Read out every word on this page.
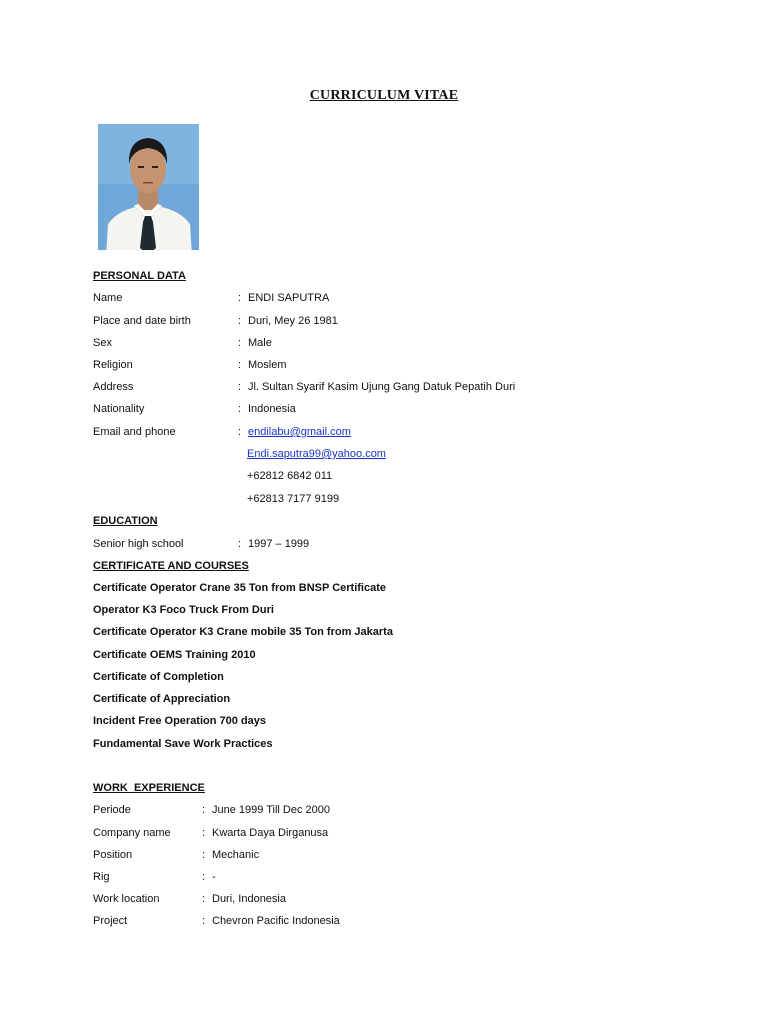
CURRICULUM VITAE
PERSONAL DATA
Name	: ENDI SAPUTRA
Place and date birth	: Duri, Mey 26 1981
Sex	: Male
Religion	: Moslem
Address	: Jl. Sultan Syarif Kasim Ujung Gang Datuk Pepatih Duri
Nationality	: Indonesia
Email and phone	: endilabu@gmail.com
Endi.saputra99@yahoo.com
+62812 6842 011
+62813 7177 9199
EDUCATION
Senior high school	: 1997 – 1999
CERTIFICATE AND COURSES
Certificate Operator Crane 35 Ton from BNSP Certificate
Operator K3 Foco Truck From Duri
Certificate Operator K3 Crane mobile 35 Ton from Jakarta
Certificate OEMS Training 2010
Certificate of Completion
Certificate of Appreciation
Incident Free Operation 700 days
Fundamental Save Work Practices
WORK  EXPERIENCE
Periode	: June 1999 Till Dec 2000
Company name	: Kwarta Daya Dirganusa
Position	: Mechanic
Rig	: -
Work location	: Duri, Indonesia
Project	: Chevron Pacific Indonesia
